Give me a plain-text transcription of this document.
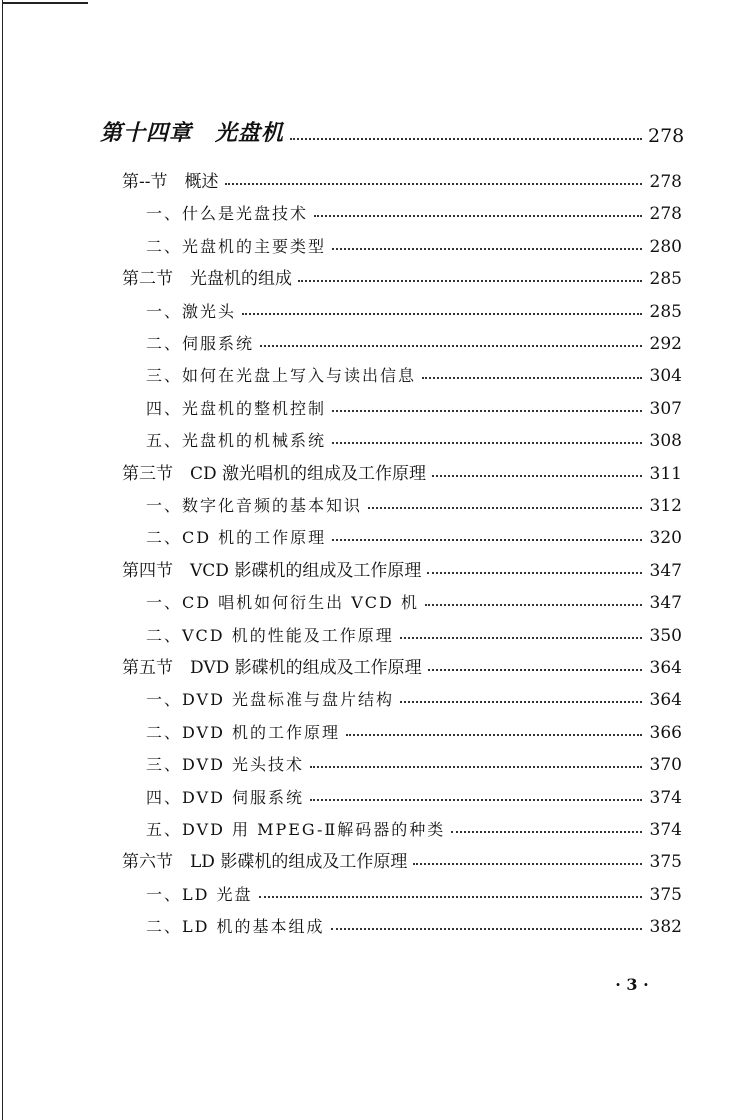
第十四章　光盘机	278
第--节　概述	278
一、什么是光盘技术	278
二、光盘机的主要类型	280
第二节　光盘机的组成	285
一、激光头	285
二、伺服系统	292
三、如何在光盘上写入与读出信息	304
四、光盘机的整机控制	307
五、光盘机的机械系统	308
第三节　CD 激光唱机的组成及工作原理	311
一、数字化音频的基本知识	312
二、CD 机的工作原理	320
第四节　VCD 影碟机的组成及工作原理	347
一、CD 唱机如何衍生出 VCD 机	347
二、VCD 机的性能及工作原理	350
第五节　DVD 影碟机的组成及工作原理	364
一、DVD 光盘标准与盘片结构	364
二、DVD 机的工作原理	366
三、DVD 光头技术	370
四、DVD 伺服系统	374
五、DVD 用 MPEG-Ⅱ解码器的种类	374
第六节　LD 影碟机的组成及工作原理	375
一、LD 光盘	375
二、LD 机的基本组成	382
· 3 ·
